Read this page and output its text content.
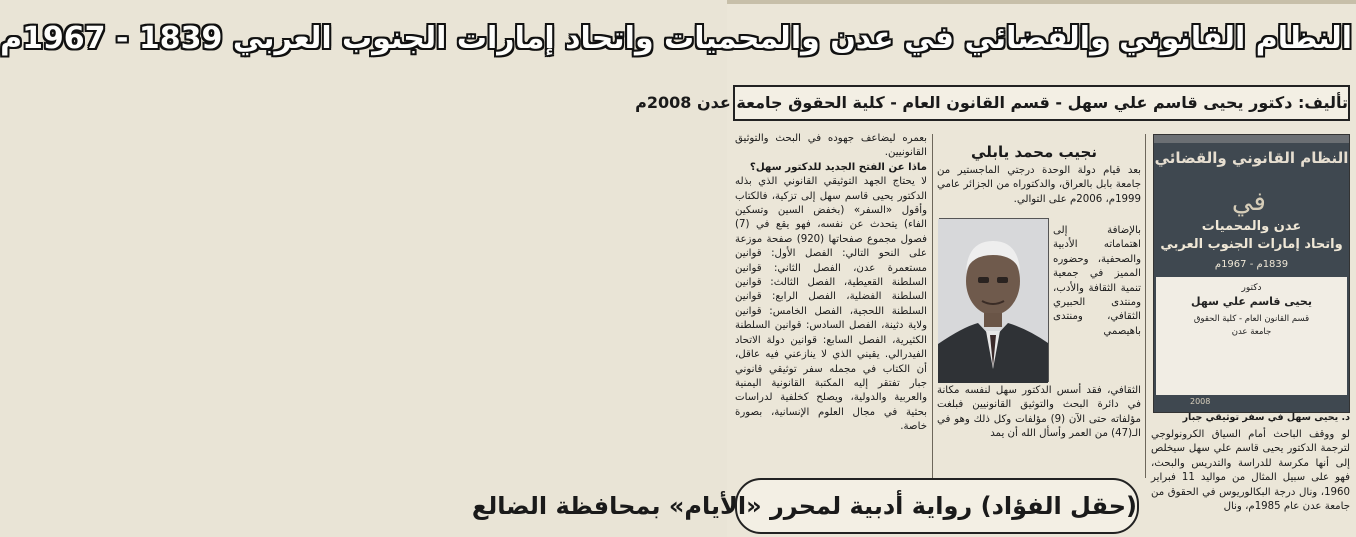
النظام القانوني والقضائي في عدن والمحميات واتحاد إمارات الجنوب العربي 1839 - 1967م
تأليف: دكتور يحيى قاسم علي سهل - قسم القانون العام - كلية الحقوق جامعة عدن 2008م

بعمره ليضاعف جهوده في البحث والتوثيق القانونيين.

ماذا عن الفتح الجديد للدكتور سهل؟

لا يحتاج الجهد التوثيقي القانوني الذي بذله الدكتور يحيى قاسم سهل إلى تزكية، فالكتاب وأقول «السفر» (بخفض السين وتسكين الفاء) يتحدث عن نفسه، فهو يقع في (7) فصول مجموع صفحاتها (920) صفحة موزعة على النحو التالي: الفصل الأول: قوانين مستعمرة عدن، الفصل الثاني: قوانين السلطنة القعيطية، الفصل الثالث: قوانين السلطنة الفضلية، الفصل الرابع: قوانين السلطنة اللحجية، الفصل الخامس: قوانين ولاية دثينة، الفصل السادس: قوانين السلطنة الكثيرية، الفصل السابع: قوانين دولة الاتحاد الفيدرالي. يقيني الذي لا ينازعني فيه عاقل، أن الكتاب في مجمله سفر توثيقي قانوني جبار تفتقر إليه المكتبة القانونية اليمنية والعربية والدولية، ويصلح كخلفية لدراسات بحثية في مجال العلوم الإنسانية، بصورة خاصة.

نجيب محمد يابلي

بعد قيام دولة الوحدة درجتي الماجستير من جامعة بابل بالعراق، والدكتوراه من الجزائر عامي 1999م، 2006م على التوالي.

بالإضافة إلى اهتماماته الأدبية والصحفية، وحضوره المميز في جمعية تنمية الثقافة والأدب، ومنتدى الحبيري الثقافي، ومنتدى باهيصمي

الثقافي، فقد أسس الدكتور سهل لنفسه مكانة في دائرة البحث والتوثيق القانونيين فبلغت مؤلفاته حتى الآن (9) مؤلفات وكل ذلك وهو في الـ(47) من العمر وأسأل الله أن يمد

النظام القانوني والقضائي
في
عدن والمحميات
واتحاد إمارات الجنوب العربي
1839م - 1967م
دكتور
يحيى قاسم علي سهل
قسم القانون العام - كلية الحقوق
جامعة عدن
2008
د. يحيى سهل في سفر توثيقي جبار

لو ووقف الباحث أمام السياق الكرونولوجي لترجمة الدكتور يحيى قاسم علي سهل سيخلص إلى أنها مكرسة للدراسة والتدريس والبحث، فهو على سبيل المثال من مواليد 11 فبراير 1960، ونال درجة البكالوريوس في الحقوق من جامعة عدن عام 1985م، ونال

(حقل الفؤاد) رواية أدبية لمحرر «الأيام» بمحافظة الضالع
